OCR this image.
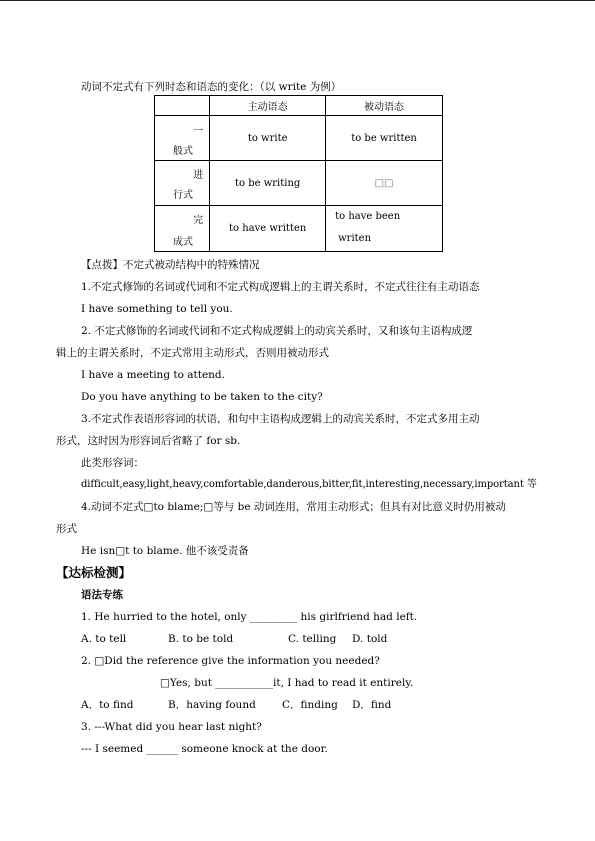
动词不定式有下列时态和语态的变化：（以 write 为例）
	主动语态	被动语态

一
般式	to write	to be written

进
行式	to be writing	□□

完
成式	to have written	to have been
writen
【点拨】不定式被动结构中的特殊情况
1.不定式修饰的名词或代词和不定式构成逻辑上的主谓关系时，不定式往往有主动语态
I have something to tell you.
2. 不定式修饰的名词或代词和不定式构成逻辑上的动宾关系时，又和该句主语构成逻
辑上的主谓关系时，不定式常用主动形式，否则用被动形式
I have a meeting to attend.
Do you have anything to be taken to the city?
3.不定式作表语形容词的状语，和句中主语构成逻辑上的动宾关系时，不定式多用主动
形式，这时因为形容词后省略了 for sb.
此类形容词：
difficult,easy,light,heavy,comfortable,danderous,bitter,fit,interesting,necessary,important 等
4.动词不定式□to blame;□等与 be 动词连用，常用主动形式；但具有对比意义时仍用被动
形式
He isn□t to blame. 他不该受责备
【达标检测】
语法专练
1. He hurried to the hotel, only _________ his girlfriend had left.
A. to tell	B. to be told	C. telling D. told
2. □Did the reference give the information you needed?
□Yes, but ___________it, I had to read it entirely.
A．to find	B．having found C．finding D．find
3. ---What did you hear last night?
--- I seemed ______ someone knock at the door.
